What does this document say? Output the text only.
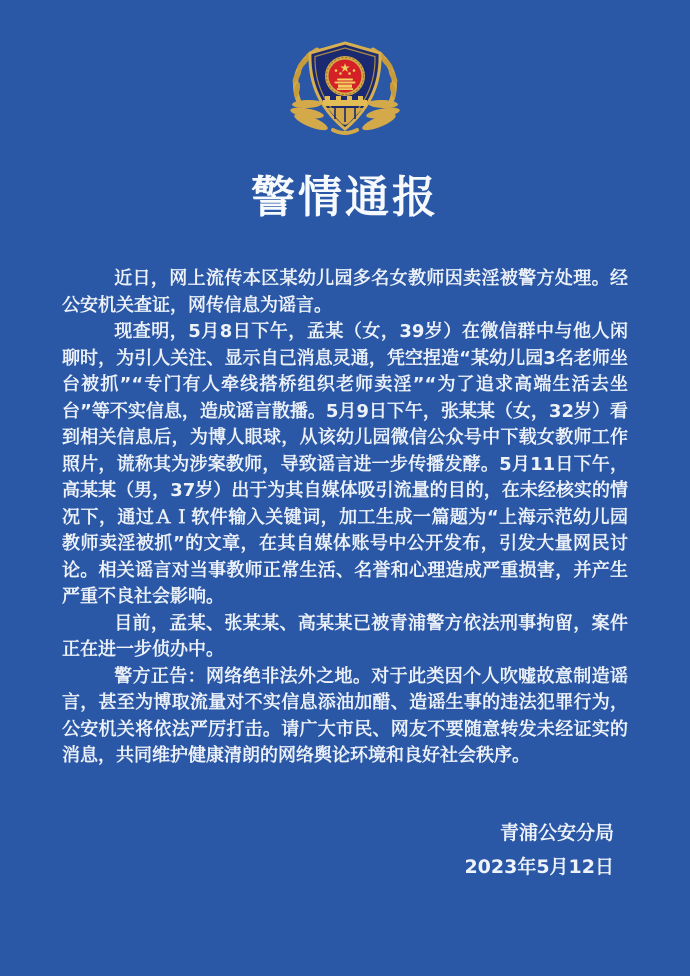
警情通报

近日，网上流传本区某幼儿园多名女教师因卖淫被警方处理。经公安机关查证，网传信息为谣言。

现查明，5月8日下午，孟某（女，39岁）在微信群中与他人闲聊时，为引人关注、显示自己消息灵通，凭空捏造“某幼儿园3名老师坐台被抓”“专门有人牵线搭桥组织老师卖淫”“为了追求高端生活去坐台”等不实信息，造成谣言散播。5月9日下午，张某某（女，32岁）看到相关信息后，为博人眼球，从该幼儿园微信公众号中下载女教师工作照片，谎称其为涉案教师，导致谣言进一步传播发酵。5月11日下午，高某某（男，37岁）出于为其自媒体吸引流量的目的，在未经核实的情况下，通过ＡＩ软件输入关键词，加工生成一篇题为“上海示范幼儿园教师卖淫被抓”的文章，在其自媒体账号中公开发布，引发大量网民讨论。相关谣言对当事教师正常生活、名誉和心理造成严重损害，并产生严重不良社会影响。

目前，孟某、张某某、高某某已被青浦警方依法刑事拘留，案件正在进一步侦办中。

警方正告：网络绝非法外之地。对于此类因个人吹嘘故意制造谣言，甚至为博取流量对不实信息添油加醋、造谣生事的违法犯罪行为，公安机关将依法严厉打击。请广大市民、网友不要随意转发未经证实的消息，共同维护健康清朗的网络舆论环境和良好社会秩序。

青浦公安分局
2023年5月12日
